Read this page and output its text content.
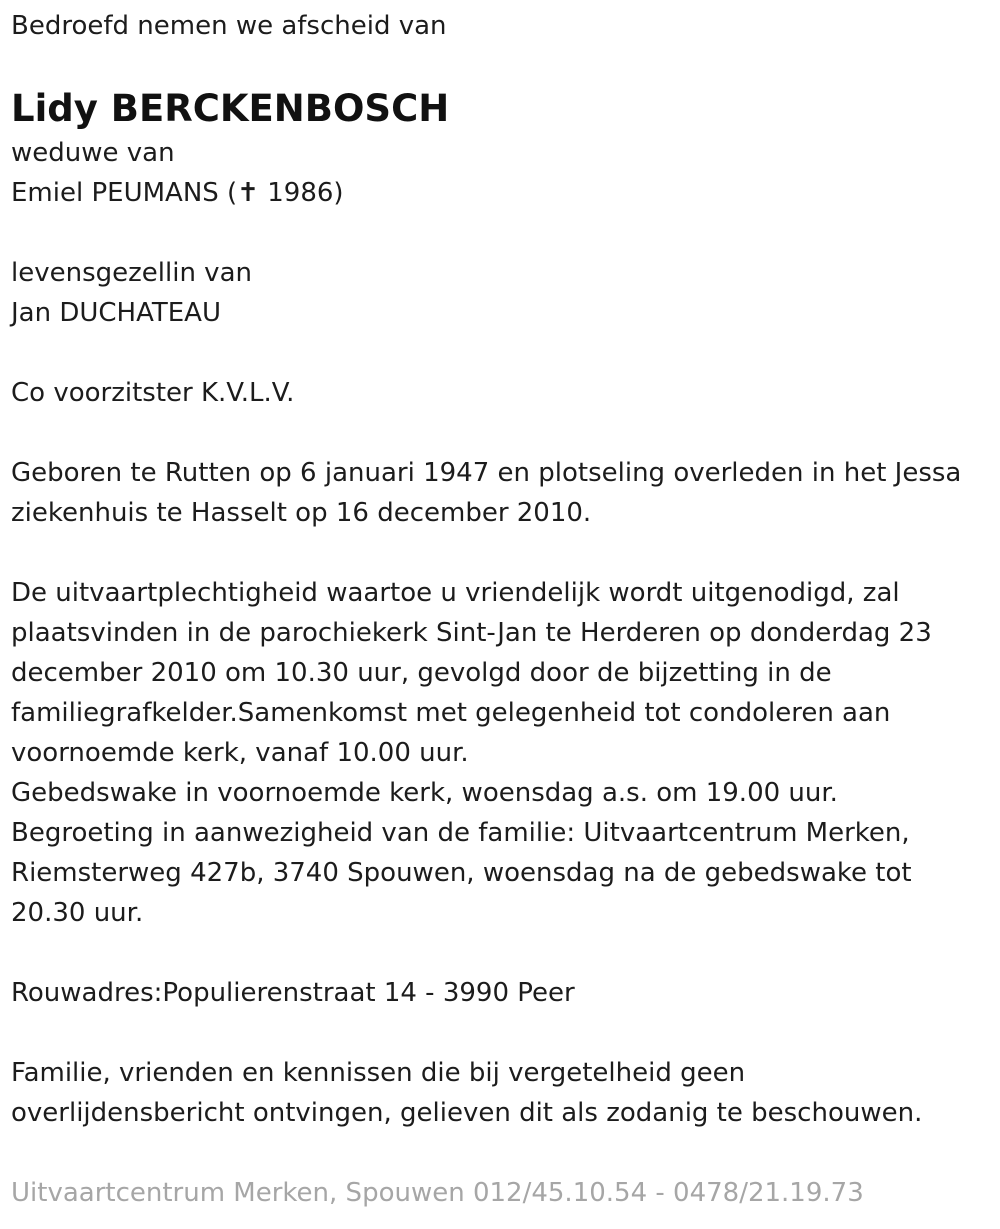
Bedroefd nemen we afscheid van

Lidy BERCKENBOSCH

weduwe van

Emiel PEUMANS (✝ 1986)

levensgezellin van

Jan DUCHATEAU

Co voorzitster K.V.L.V.

Geboren te Rutten op 6 januari 1947 en plotseling overleden in het Jessa

ziekenhuis te Hasselt op 16 december 2010.

De uitvaartplechtigheid waartoe u vriendelijk wordt uitgenodigd, zal

plaatsvinden in de parochiekerk Sint-Jan te Herderen op donderdag 23

december 2010 om 10.30 uur, gevolgd door de bijzetting in de

familiegrafkelder.Samenkomst met gelegenheid tot condoleren aan

voornoemde kerk, vanaf 10.00 uur.

Gebedswake in voornoemde kerk, woensdag a.s. om 19.00 uur.

Begroeting in aanwezigheid van de familie: Uitvaartcentrum Merken,

Riemsterweg 427b, 3740 Spouwen, woensdag na de gebedswake tot

20.30 uur.

Rouwadres:Populierenstraat 14 - 3990 Peer

Familie, vrienden en kennissen die bij vergetelheid geen

overlijdensbericht ontvingen, gelieven dit als zodanig te beschouwen.

Uitvaartcentrum Merken, Spouwen 012/45.10.54 - 0478/21.19.73
